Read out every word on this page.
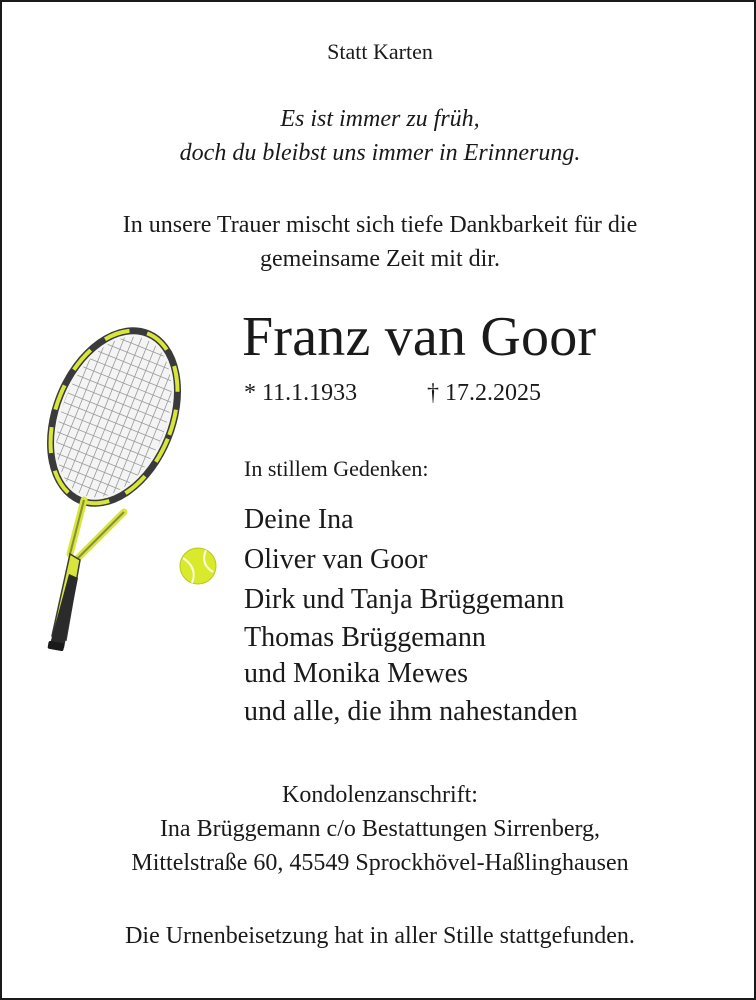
Statt Karten
Es ist immer zu früh,
doch du bleibst uns immer in Erinnerung.
In unsere Trauer mischt sich tiefe Dankbarkeit für die
gemeinsame Zeit mit dir.
Franz van Goor
* 11.1.1933	† 17.2.2025
In stillem Gedenken:
Deine Ina
Oliver van Goor
Dirk und Tanja Brüggemann
Thomas Brüggemann
und Monika Mewes
und alle, die ihm nahestanden
Kondolenzanschrift:
Ina Brüggemann c/o Bestattungen Sirrenberg,
Mittelstraße 60, 45549 Sprockhövel-Haßlinghausen
Die Urnenbeisetzung hat in aller Stille stattgefunden.
